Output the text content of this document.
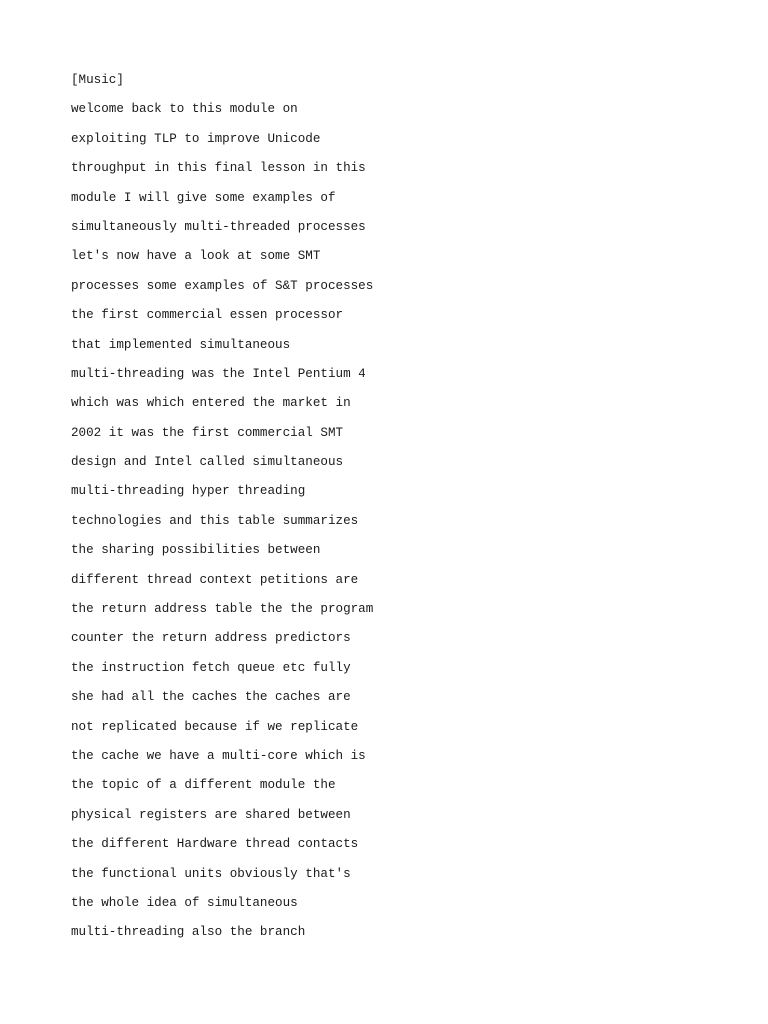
[Music]
welcome back to this module on
exploiting TLP to improve Unicode
throughput in this final lesson in this
module I will give some examples of
simultaneously multi-threaded processes
let's now have a look at some SMT
processes some examples of S&T processes
the first commercial essen processor
that implemented simultaneous
multi-threading was the Intel Pentium 4
which was which entered the market in
2002 it was the first commercial SMT
design and Intel called simultaneous
multi-threading hyper threading
technologies and this table summarizes
the sharing possibilities between
different thread context petitions are
the return address table the the program
counter the return address predictors
the instruction fetch queue etc fully
she had all the caches the caches are
not replicated because if we replicate
the cache we have a multi-core which is
the topic of a different module the
physical registers are shared between
the different Hardware thread contacts
the functional units obviously that's
the whole idea of simultaneous
multi-threading also the branch
